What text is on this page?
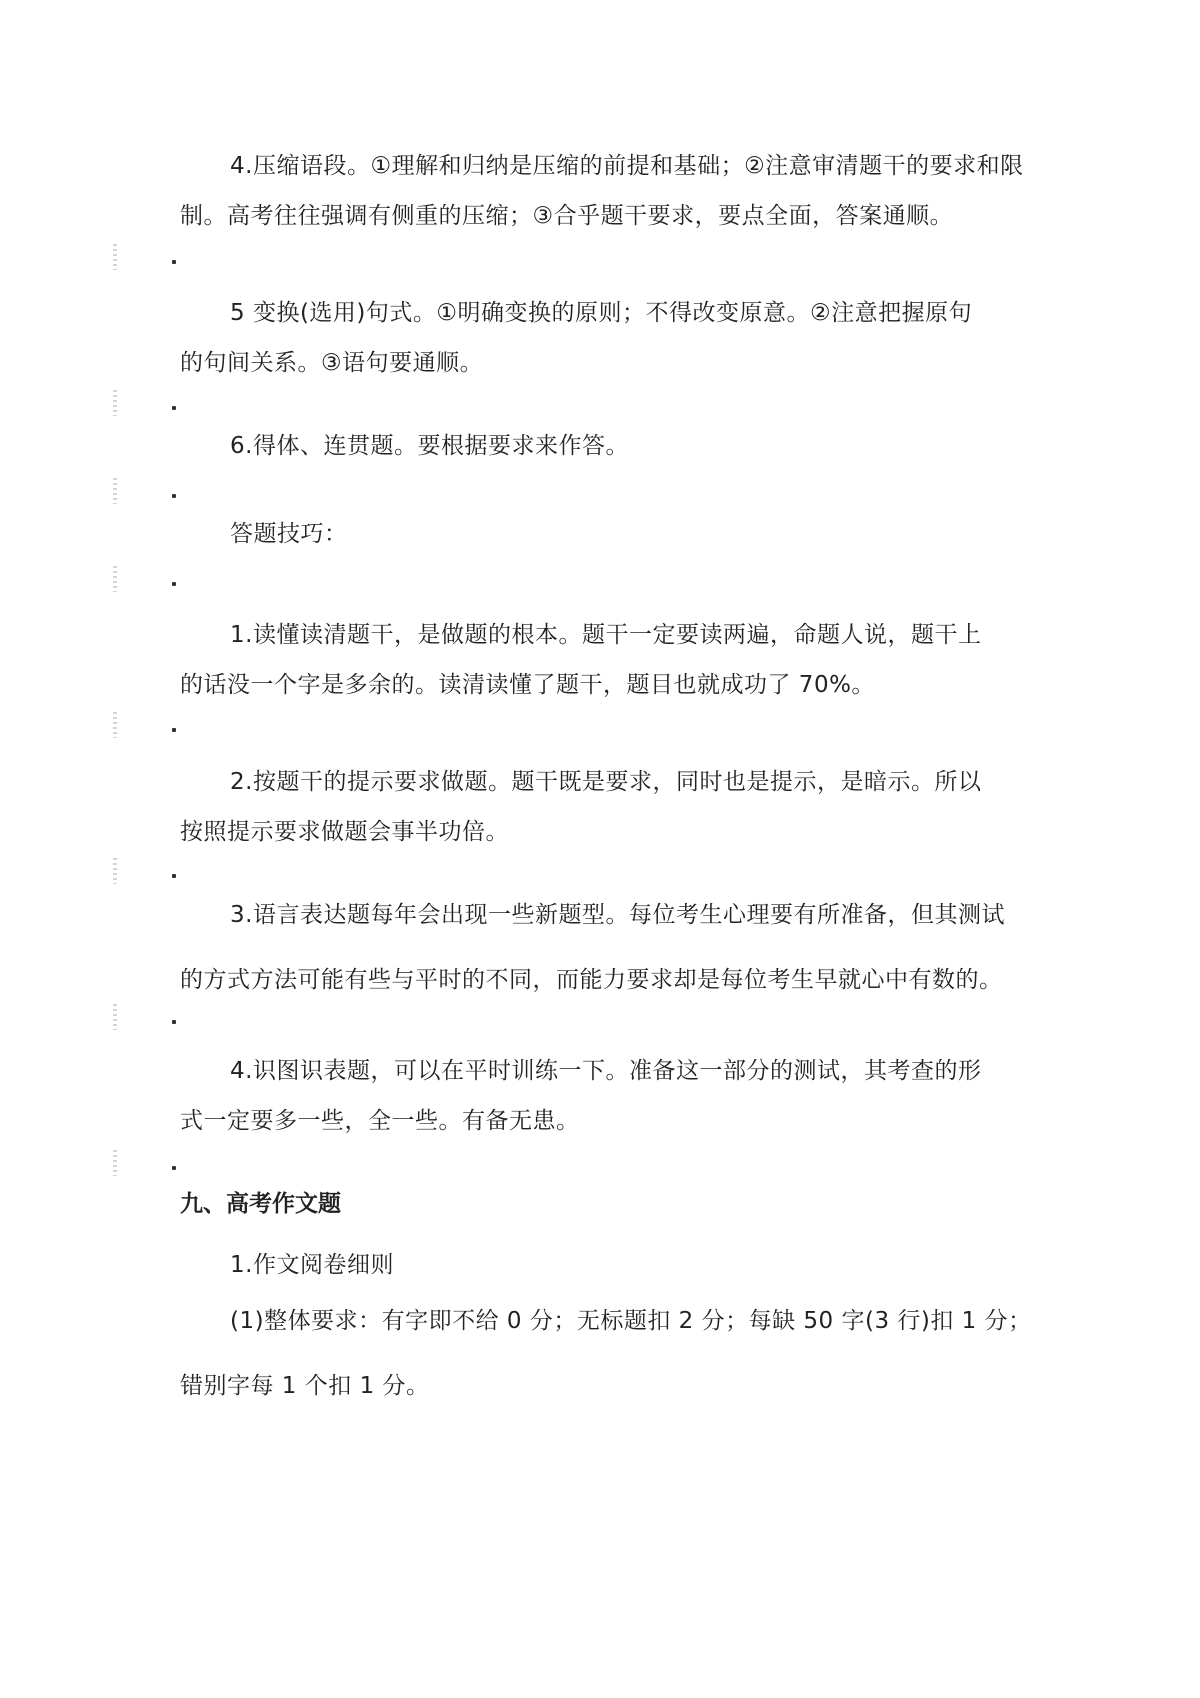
4.压缩语段。①理解和归纳是压缩的前提和基础；②注意审清题干的要求和限
制。高考往往强调有侧重的压缩；③合乎题干要求，要点全面，答案通顺。

5 变换(选用)句式。①明确变换的原则；不得改变原意。②注意把握原句
的句间关系。③语句要通顺。

6.得体、连贯题。要根据要求来作答。

答题技巧：

1.读懂读清题干，是做题的根本。题干一定要读两遍，命题人说，题干上
的话没一个字是多余的。读清读懂了题干，题目也就成功了 70%。

2.按题干的提示要求做题。题干既是要求，同时也是提示，是暗示。所以
按照提示要求做题会事半功倍。

3.语言表达题每年会出现一些新题型。每位考生心理要有所准备，但其测试
的方式方法可能有些与平时的不同，而能力要求却是每位考生早就心中有数的。

4.识图识表题，可以在平时训练一下。准备这一部分的测试，其考查的形
式一定要多一些，全一些。有备无患。

九、高考作文题

1.作文阅卷细则

(1)整体要求：有字即不给 0 分；无标题扣 2 分；每缺 50 字(3 行)扣 1 分；
错别字每 1 个扣 1 分。
